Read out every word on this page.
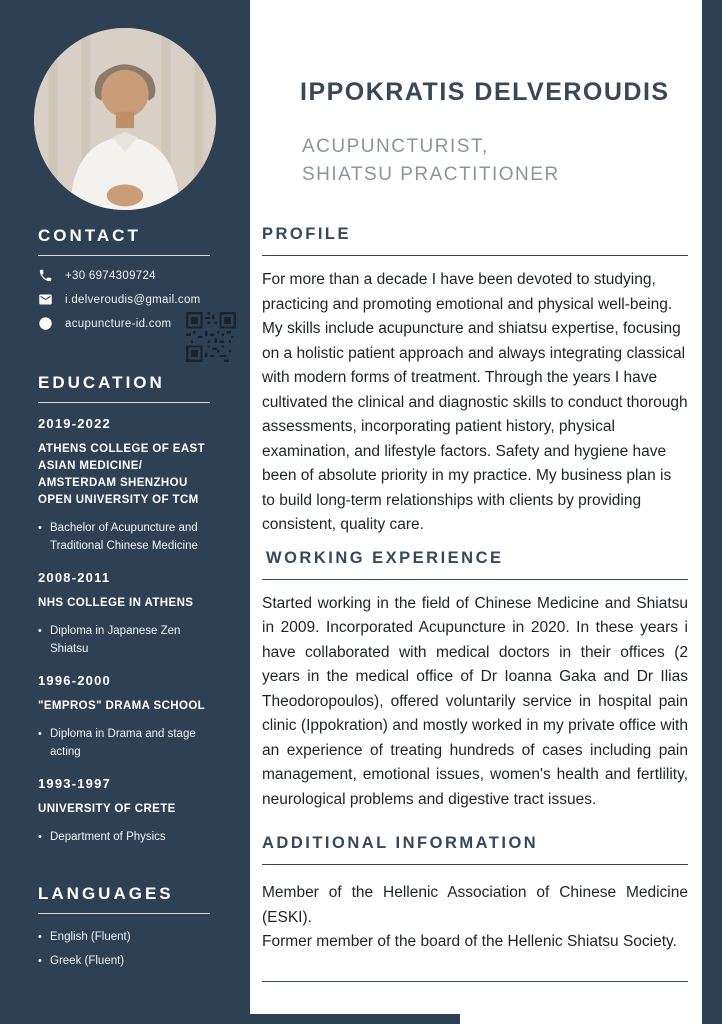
CONTACT
+30 6974309724
i.delveroudis@gmail.com
acupuncture-id.com
EDUCATION
2019-2022
ATHENS COLLEGE OF EAST ASIAN MEDICINE/ AMSTERDAM SHENZHOU OPEN UNIVERSITY OF TCM
• Bachelor of Acupuncture and Traditional Chinese Medicine
2008-2011
NHS COLLEGE IN ATHENS
• Diploma in Japanese Zen Shiatsu
1996-2000
"EMPROS" DRAMA SCHOOL
• Diploma in Drama and stage acting
1993-1997
UNIVERSITY OF CRETE
• Department of Physics
LANGUAGES
• English (Fluent)
• Greek (Fluent)
IPPOKRATIS DELVEROUDIS
ACUPUNCTURIST,
SHIATSU PRACTITIONER
PROFILE

For more than a decade I have been devoted to studying, practicing and promoting emotional and physical well-being. My skills include acupuncture and shiatsu expertise, focusing on a holistic patient approach and always integrating classical with modern forms of treatment. Through the years I have cultivated the clinical and diagnostic skills to conduct thorough assessments, incorporating patient history, physical examination, and lifestyle factors. Safety and hygiene have been of absolute priority in my practice. My business plan is to build long-term relationships with clients by providing consistent, quality care.

WORKING EXPERIENCE

Started working in the field of Chinese Medicine and Shiatsu in 2009. Incorporated Acupuncture in 2020. In these years i have collaborated with medical doctors in their offices (2 years in the medical office of Dr Ioanna Gaka and Dr Ilias Theodoropoulos), offered voluntarily service in hospital pain clinic (Ippokration) and mostly worked in my private office with an experience of treating hundreds of cases including pain management, emotional issues, women's health and fertlility, neurological problems and digestive tract issues.

ADDITIONAL INFORMATION

Member of the Hellenic Association of Chinese Medicine (ESKI).

Former member of the board of the Hellenic Shiatsu Society.
